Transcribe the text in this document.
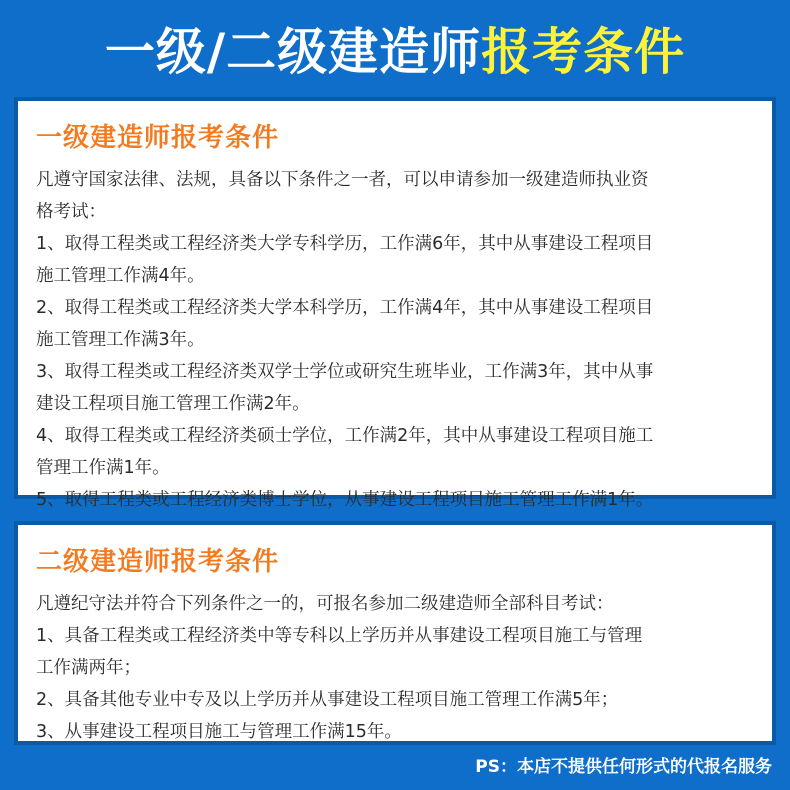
一级/二级建造师 报考条件
一级建造师报考条件

凡遵守国家法律、法规，具备以下条件之一者，可以申请参加一级建造师执业资

格考试：

1、取得工程类或工程经济类大学专科学历，工作满6年，其中从事建设工程项目

施工管理工作满4年。

2、取得工程类或工程经济类大学本科学历，工作满4年，其中从事建设工程项目

施工管理工作满3年。

3、取得工程类或工程经济类双学士学位或研究生班毕业，工作满3年，其中从事

建设工程项目施工管理工作满2年。

4、取得工程类或工程经济类硕士学位，工作满2年，其中从事建设工程项目施工

管理工作满1年。

5、取得工程类或工程经济类博士学位，从事建设工程项目施工管理工作满1年。

二级建造师报考条件

凡遵纪守法并符合下列条件之一的，可报名参加二级建造师全部科目考试：

1、具备工程类或工程经济类中等专科以上学历并从事建设工程项目施工与管理

工作满两年；

2、具备其他专业中专及以上学历并从事建设工程项目施工管理工作满5年；

3、从事建设工程项目施工与管理工作满15年。

PS：本店不提供任何形式的代报名服务
